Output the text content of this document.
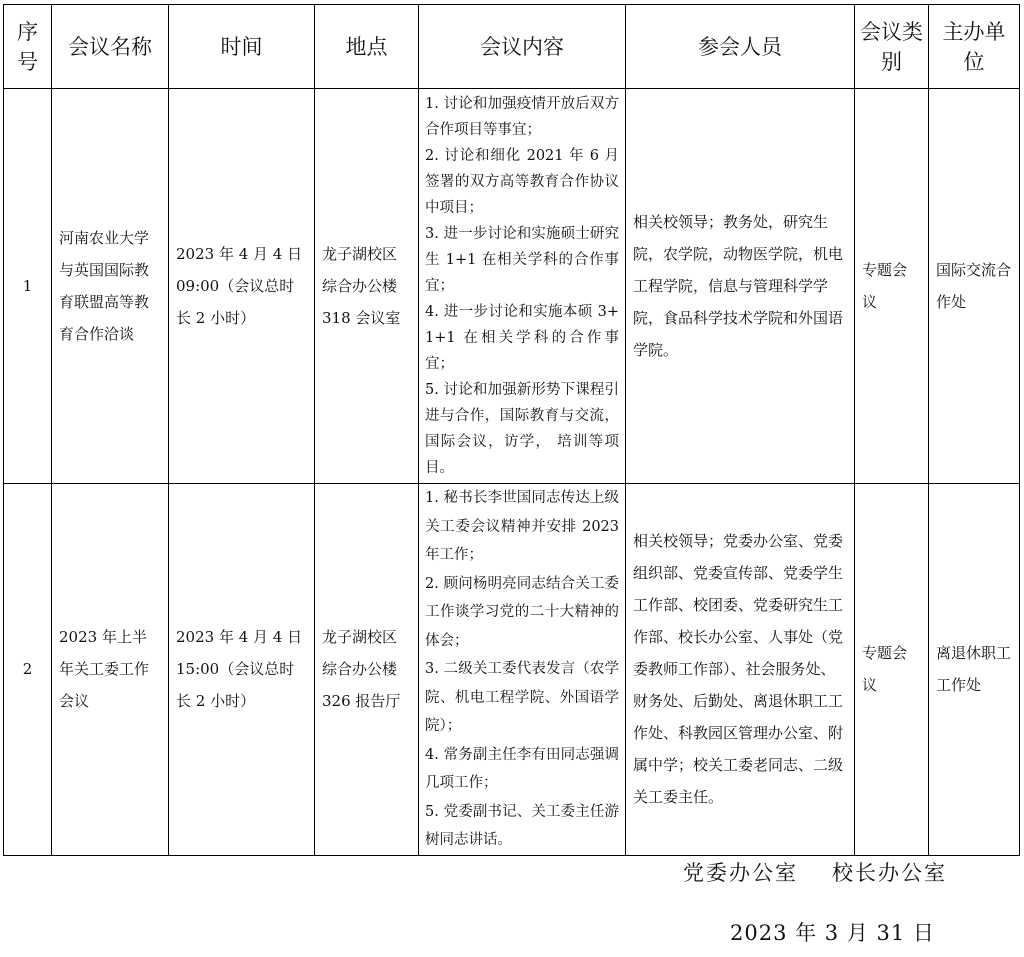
序号	会议名称	时间	地点	会议内容	参会人员	会议类别	主办单位
1	河南农业大学与英国国际教育联盟高等教育合作洽谈	2023 年 4 月 4 日 09:00（会议总时长 2 小时）	龙子湖校区综合办公楼 318 会议室	1. 讨论和加强疫情开放后双方合作项目等事宜；
2. 讨论和细化 2021 年 6 月签署的双方高等教育合作协议中项目；
3. 进一步讨论和实施硕士研究生 1+1 在相关学科的合作事宜；
4. 进一步讨论和实施本硕 3+1+1 在相关学科的合作事宜；
5. 讨论和加强新形势下课程引进与合作，国际教育与交流，国际会议，访学， 培训等项目。	相关校领导；教务处，研究生院，农学院，动物医学院，机电工程学院，信息与管理科学学院，食品科学技术学院和外国语学院。	专题会议	国际交流合作处
2	2023 年上半年关工委工作会议	2023 年 4 月 4 日 15:00（会议总时长 2 小时）	龙子湖校区综合办公楼 326 报告厅	1. 秘书长李世国同志传达上级关工委会议精神并安排 2023 年工作；
2. 顾问杨明亮同志结合关工委工作谈学习党的二十大精神的体会；
3. 二级关工委代表发言（农学院、机电工程学院、外国语学院）；
4. 常务副主任李有田同志强调几项工作；
5. 党委副书记、关工委主任游树同志讲话。	相关校领导；党委办公室、党委组织部、党委宣传部、党委学生工作部、校团委、党委研究生工作部、校长办公室、人事处（党委教师工作部）、社会服务处、财务处、后勤处、离退休职工工作处、科教园区管理办公室、附属中学；校关工委老同志、二级关工委主任。	专题会议	离退休职工工作处
党委办公室 校长办公室
2023 年 3 月 31 日
